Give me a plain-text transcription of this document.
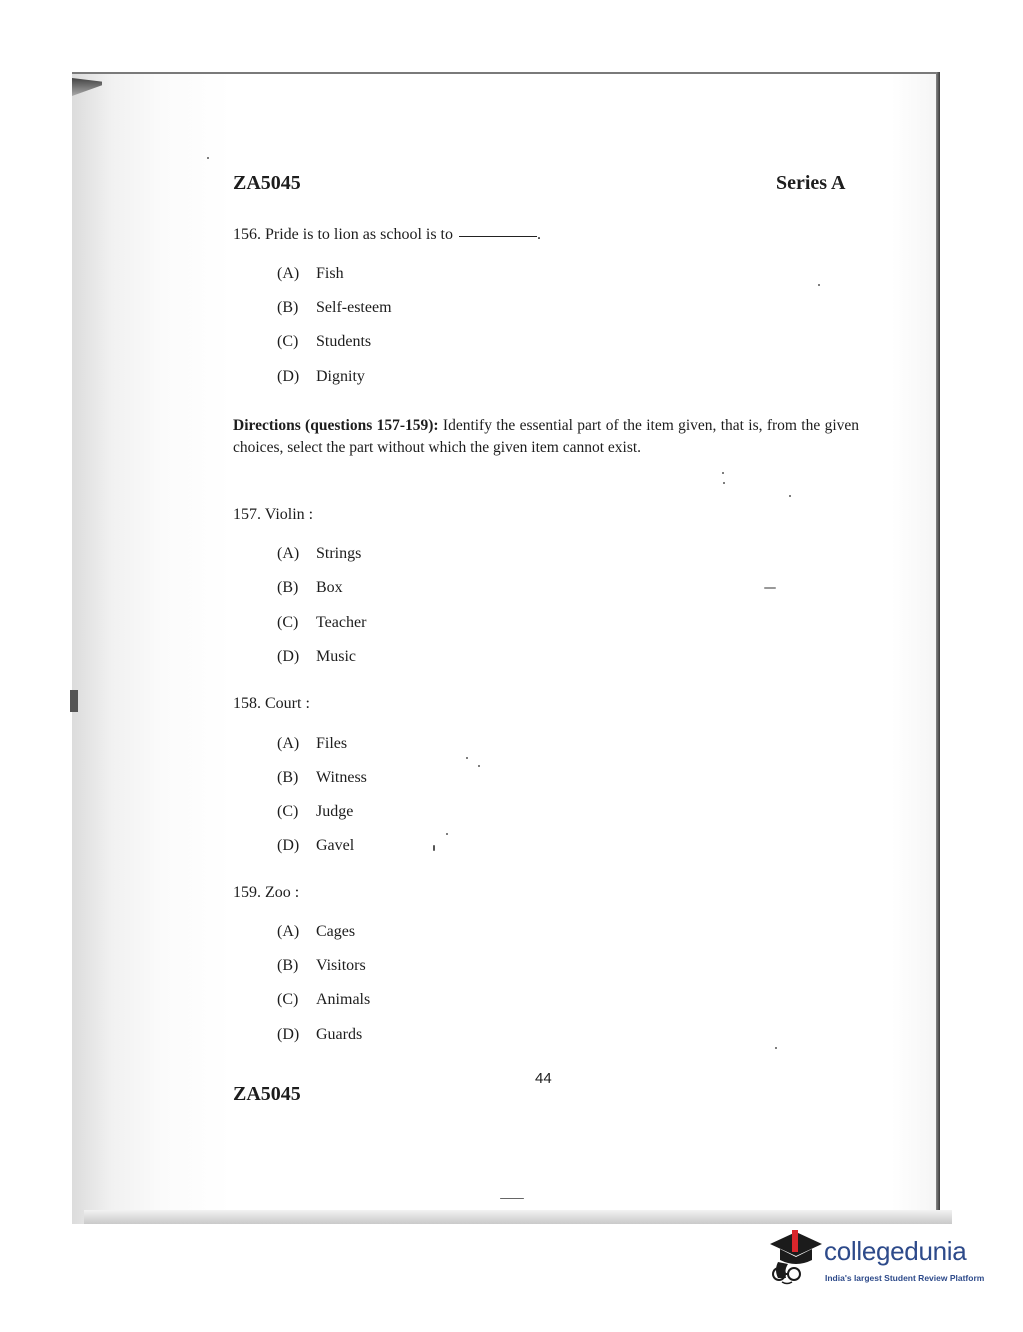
ZA5045	Series A
156. Pride is to lion as school is to	.
(A) Fish
(B) Self-esteem
(C) Students
(D) Dignity
Directions (questions 157-159): Identify the essential part of the item given, that is, from the given choices, select the part without which the given item cannot exist.
157. Violin :
(A) Strings
(B) Box
(C) Teacher
(D) Music
158. Court :
(A) Files
(B) Witness
(C) Judge
(D) Gavel
159. Zoo :
(A) Cages
(B) Visitors
(C) Animals
(D) Guards
44
ZA5045
collegedunia
India's largest Student Review Platform
